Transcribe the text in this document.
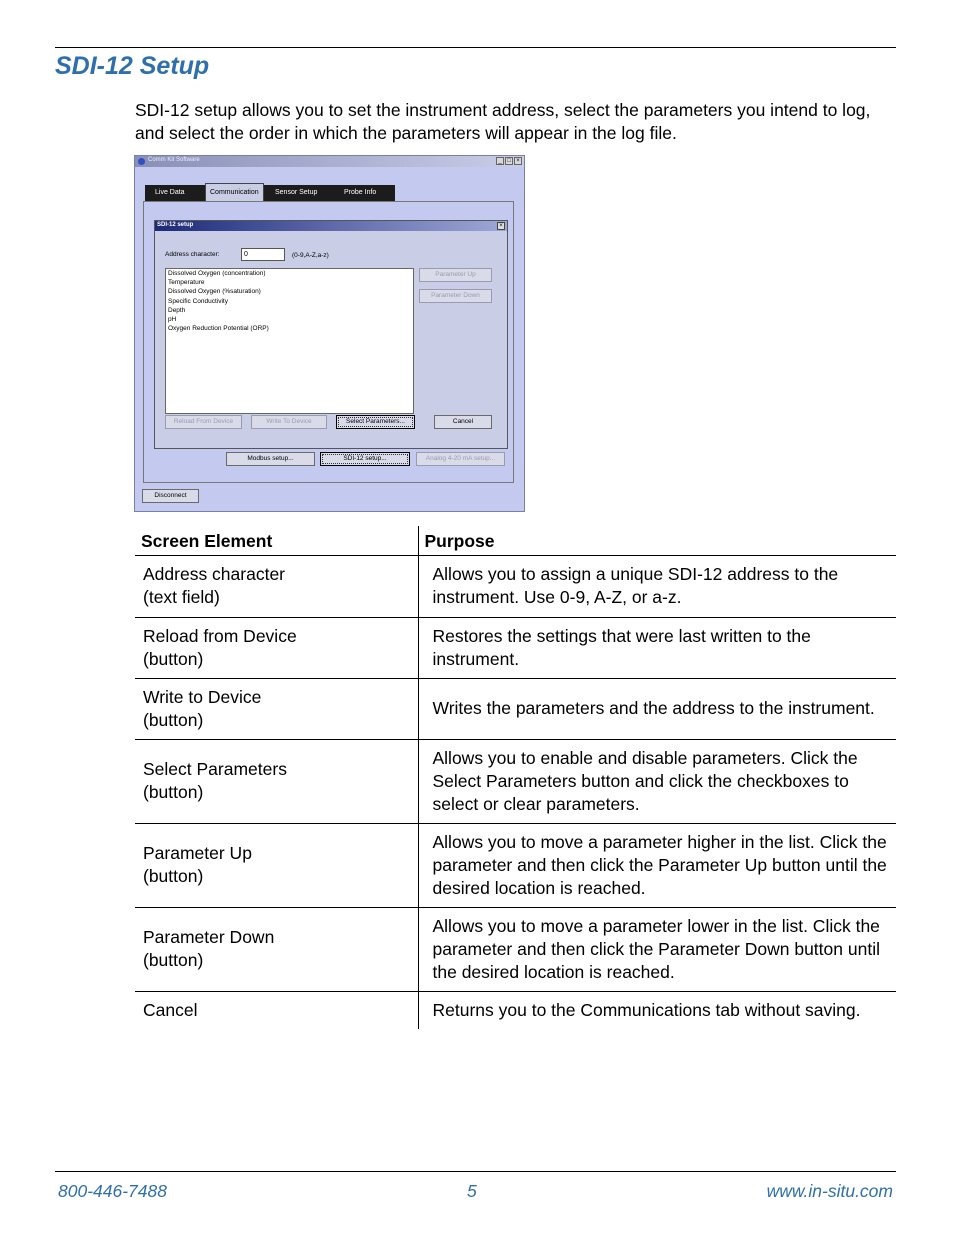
SDI-12 Setup

SDI-12 setup allows you to set the instrument address, select the parameters you intend to log, and select the order in which the parameters will appear in the log file.

Comm Kit Software	_ □ ×
Live Data	Communication	Sensor Setup	Probe Info
SDI-12 setup	×
Address character:	0	(0-9,A-Z,a-z)
Dissolved Oxygen (concentration)
Temperature
Dissolved Oxygen (%saturation)
Specific Conductivity
Depth
pH
Oxygen Reduction Potential (ORP)
Parameter Up
Parameter Down
Reload From Device	Write To Device	Select Parameters...	Cancel
Modbus setup...	SDI-12 setup...	Analog 4-20 mA setup...
Disconnect
Screen Element	Purpose

Address character
(text field)	Allows you to assign a unique SDI-12 address to the instrument. Use 0-9, A-Z, or a-z.

Reload from Device
(button)	Restores the settings that were last written to the instrument.

Write to Device
(button)	Writes the parameters and the address to the instrument.

Select Parameters
(button)	Allows you to enable and disable parameters. Click the Select Parameters button and click the checkboxes to select or clear parameters.

Parameter Up
(button)	Allows you to move a parameter higher in the list. Click the parameter and then click the Parameter Up button until the desired location is reached.

Parameter Down
(button)	Allows you to move a parameter lower in the list. Click the parameter and then click the Parameter Down button until the desired location is reached.

Cancel	Returns you to the Communications tab without saving.
800-446-7488	5	www.in-situ.com
